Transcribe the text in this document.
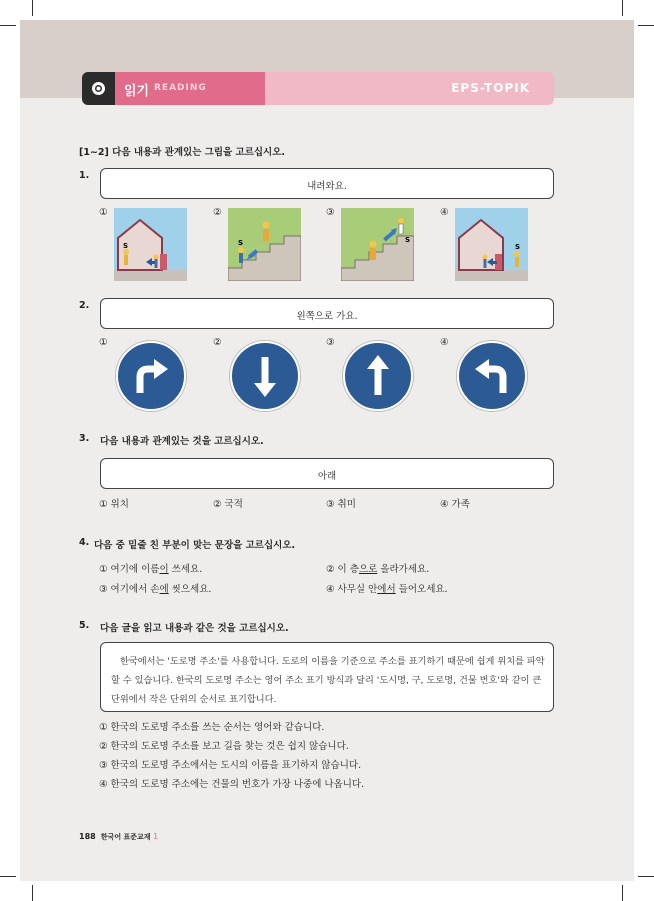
읽기 READING	EPS-TOPIK
[1~2] 다음 내용과 관계있는 그림을 고르십시오.
1.
내려와요.
①	②	③	④
S	S	S
S
2.
왼쪽으로 가요.
①	②	③	④
3. 다음 내용과 관계있는 것을 고르십시오.
아래
① 위치	② 국적	③ 취미	④ 가족
4. 다음 중 밑줄 친 부분이 맞는 문장을 고르십시오.
① 여기에 이름이 쓰세요.	② 이 층으로 올라가세요.
③ 여기에서 손에 씻으세요.	④ 사무실 안에서 들어오세요.
5. 다음 글을 읽고 내용과 같은 것을 고르십시오.
한국에서는 '도로명 주소'를 사용합니다. 도로의 이름을 기준으로 주소를 표기하기 때문에 쉽게 위치를 파악할 수 있습니다. 한국의 도로명 주소는 영어 주소 표기 방식과 달리 '도시명, 구, 도로명, 건물 번호'와 같이 큰 단위에서 작은 단위의 순서로 표기합니다.
① 한국의 도로명 주소를 쓰는 순서는 영어와 같습니다.
② 한국의 도로명 주소를 보고 길을 찾는 것은 쉽지 않습니다.
③ 한국의 도로명 주소에서는 도시의 이름을 표기하지 않습니다.
④ 한국의 도로명 주소에는 건물의 번호가 가장 나중에 나옵니다.
188 한국어 표준교재 1
